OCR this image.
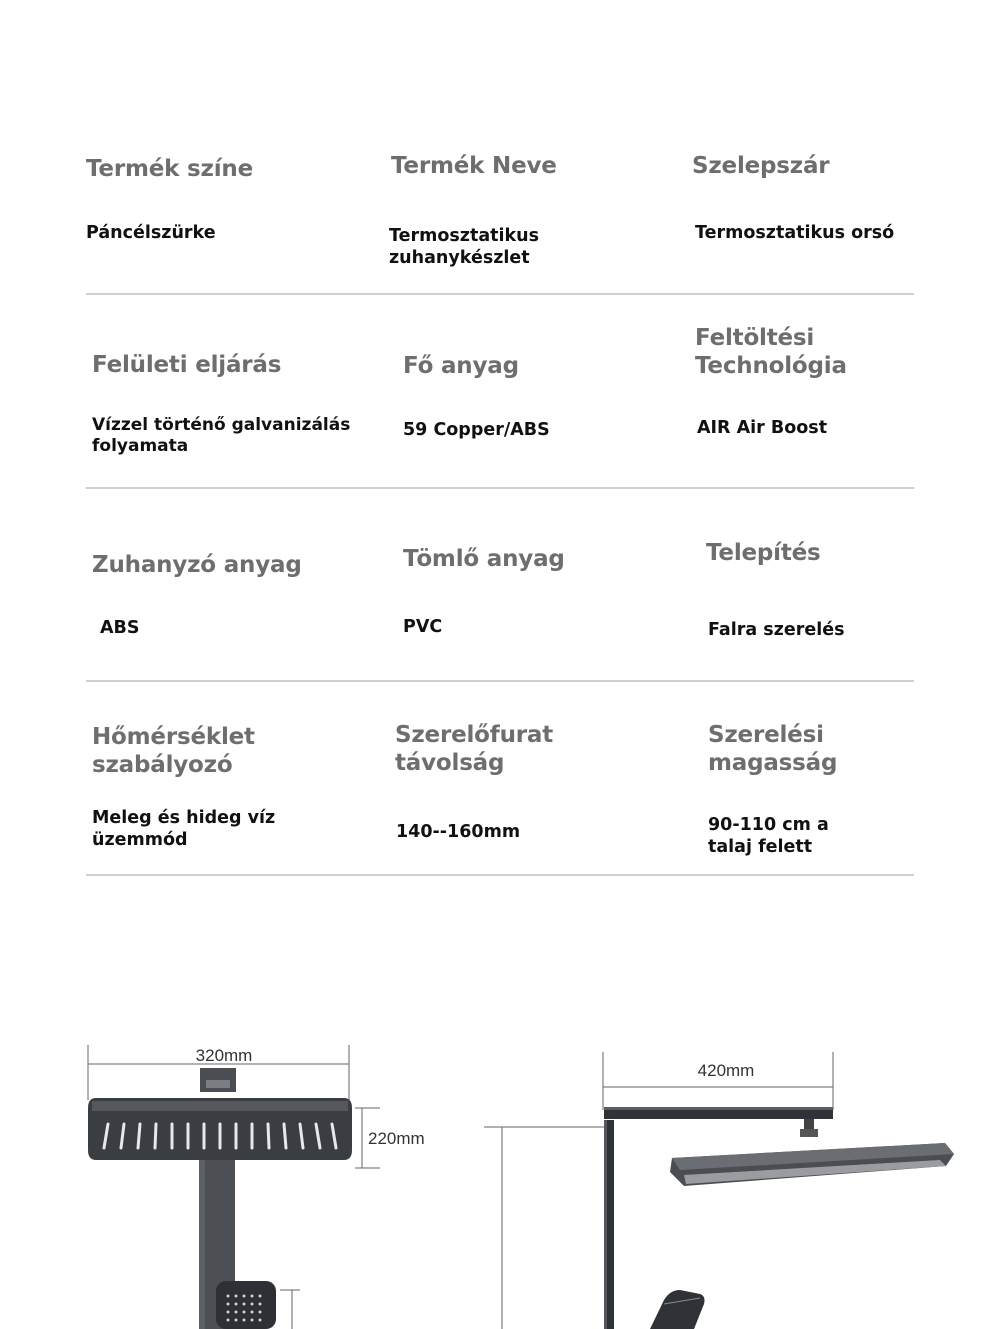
Termék színe
Páncélszürke
Termék Neve
Termosztatikus
zuhanykészlet
Szelepszár
Termosztatikus orsó
Felületi eljárás
Vízzel történő galvanizálás
folyamata
Fő anyag
59 Copper/ABS
Feltöltési
Technológia
AIR Air Boost
Zuhanyzó anyag
ABS
Tömlő anyag
PVC
Telepítés
Falra szerelés
Hőmérséklet
szabályozó
Meleg és hideg víz
üzemmód
Szerelőfurat
távolság
140--160mm
Szerelési
magasság
90-110 cm a
talaj felett
320mm
220mm
420mm
